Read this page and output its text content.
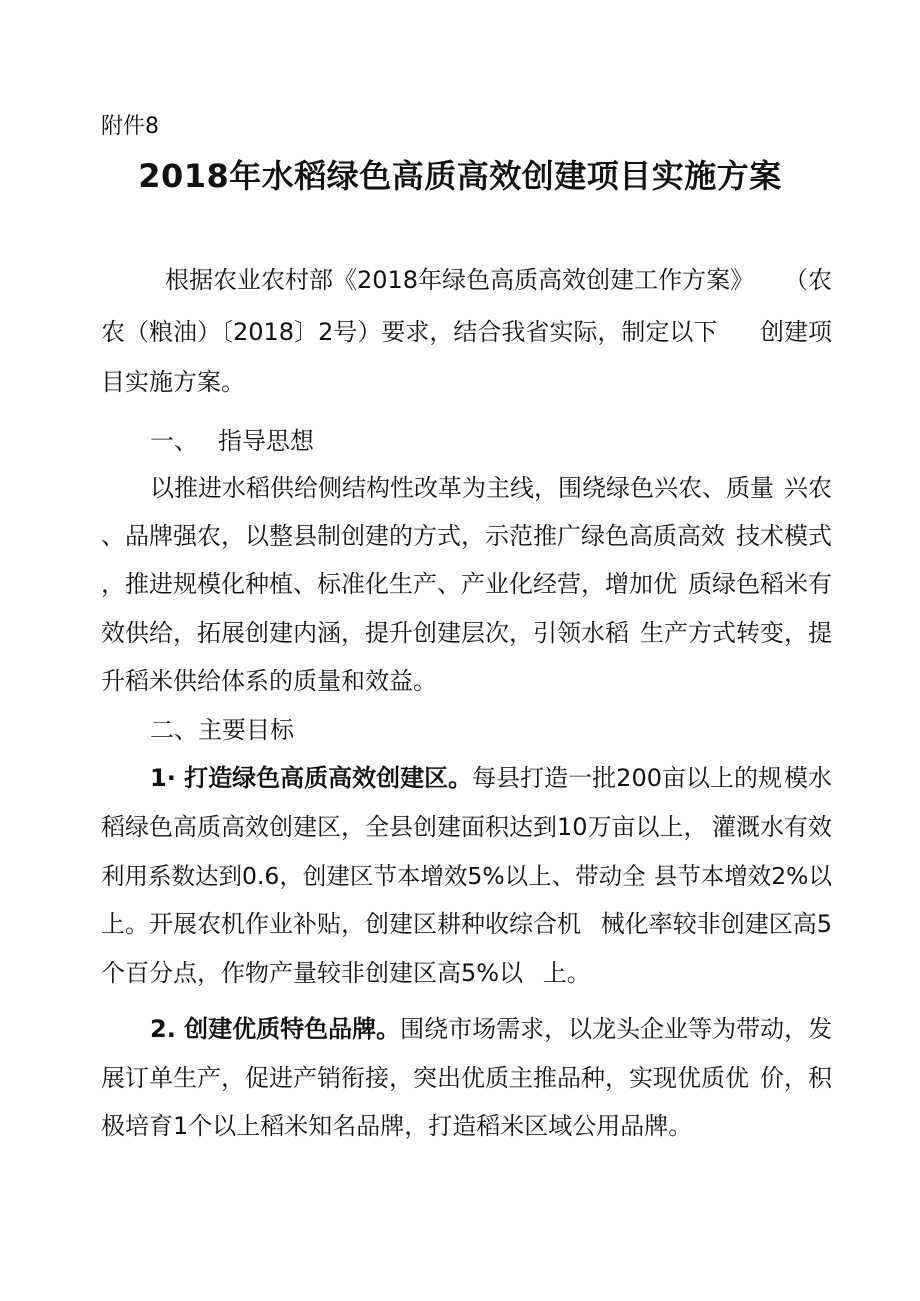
附件8
2018年水稻绿色高质高效创建项目实施方案
根据农业农村部《2018年绿色高质高效创建工作方案》 （农
农（粮油）〔2018〕2号）要求，结合我省实际，制定以下 创建项
目实施方案。
一、 指导思想
以推进水稻供给侧结构性改革为主线，围绕绿色兴农、质量 兴农
、品牌强农，以整县制创建的方式，示范推广绿色高质高效 技术模式
，推进规模化种植、标准化生产、产业化经营，增加优 质绿色稻米有
效供给，拓展创建内涵，提升创建层次，引领水稻 生产方式转变，提
升稻米供给体系的质量和效益。
二、主要目标
1· 打造绿色高质高效创建区。每县打造一批200亩以上的规 模水
稻绿色高质高效创建区，全县创建面积达到10万亩以上， 灌溉水有效
利用系数达到0.6，创建区节本增效5%以上、带动全 县节本增效2%以
上。开展农机作业补贴，创建区耕种收综合机 械化率较非创建区高5
个百分点，作物产量较非创建区高5%以 上。
2. 创建优质特色品牌。围绕市场需求，以龙头企业等为带动， 发
展订单生产，促进产销衔接，突出优质主推品种，实现优质优 价，积
极培育1个以上稻米知名品牌，打造稻米区域公用品牌。
